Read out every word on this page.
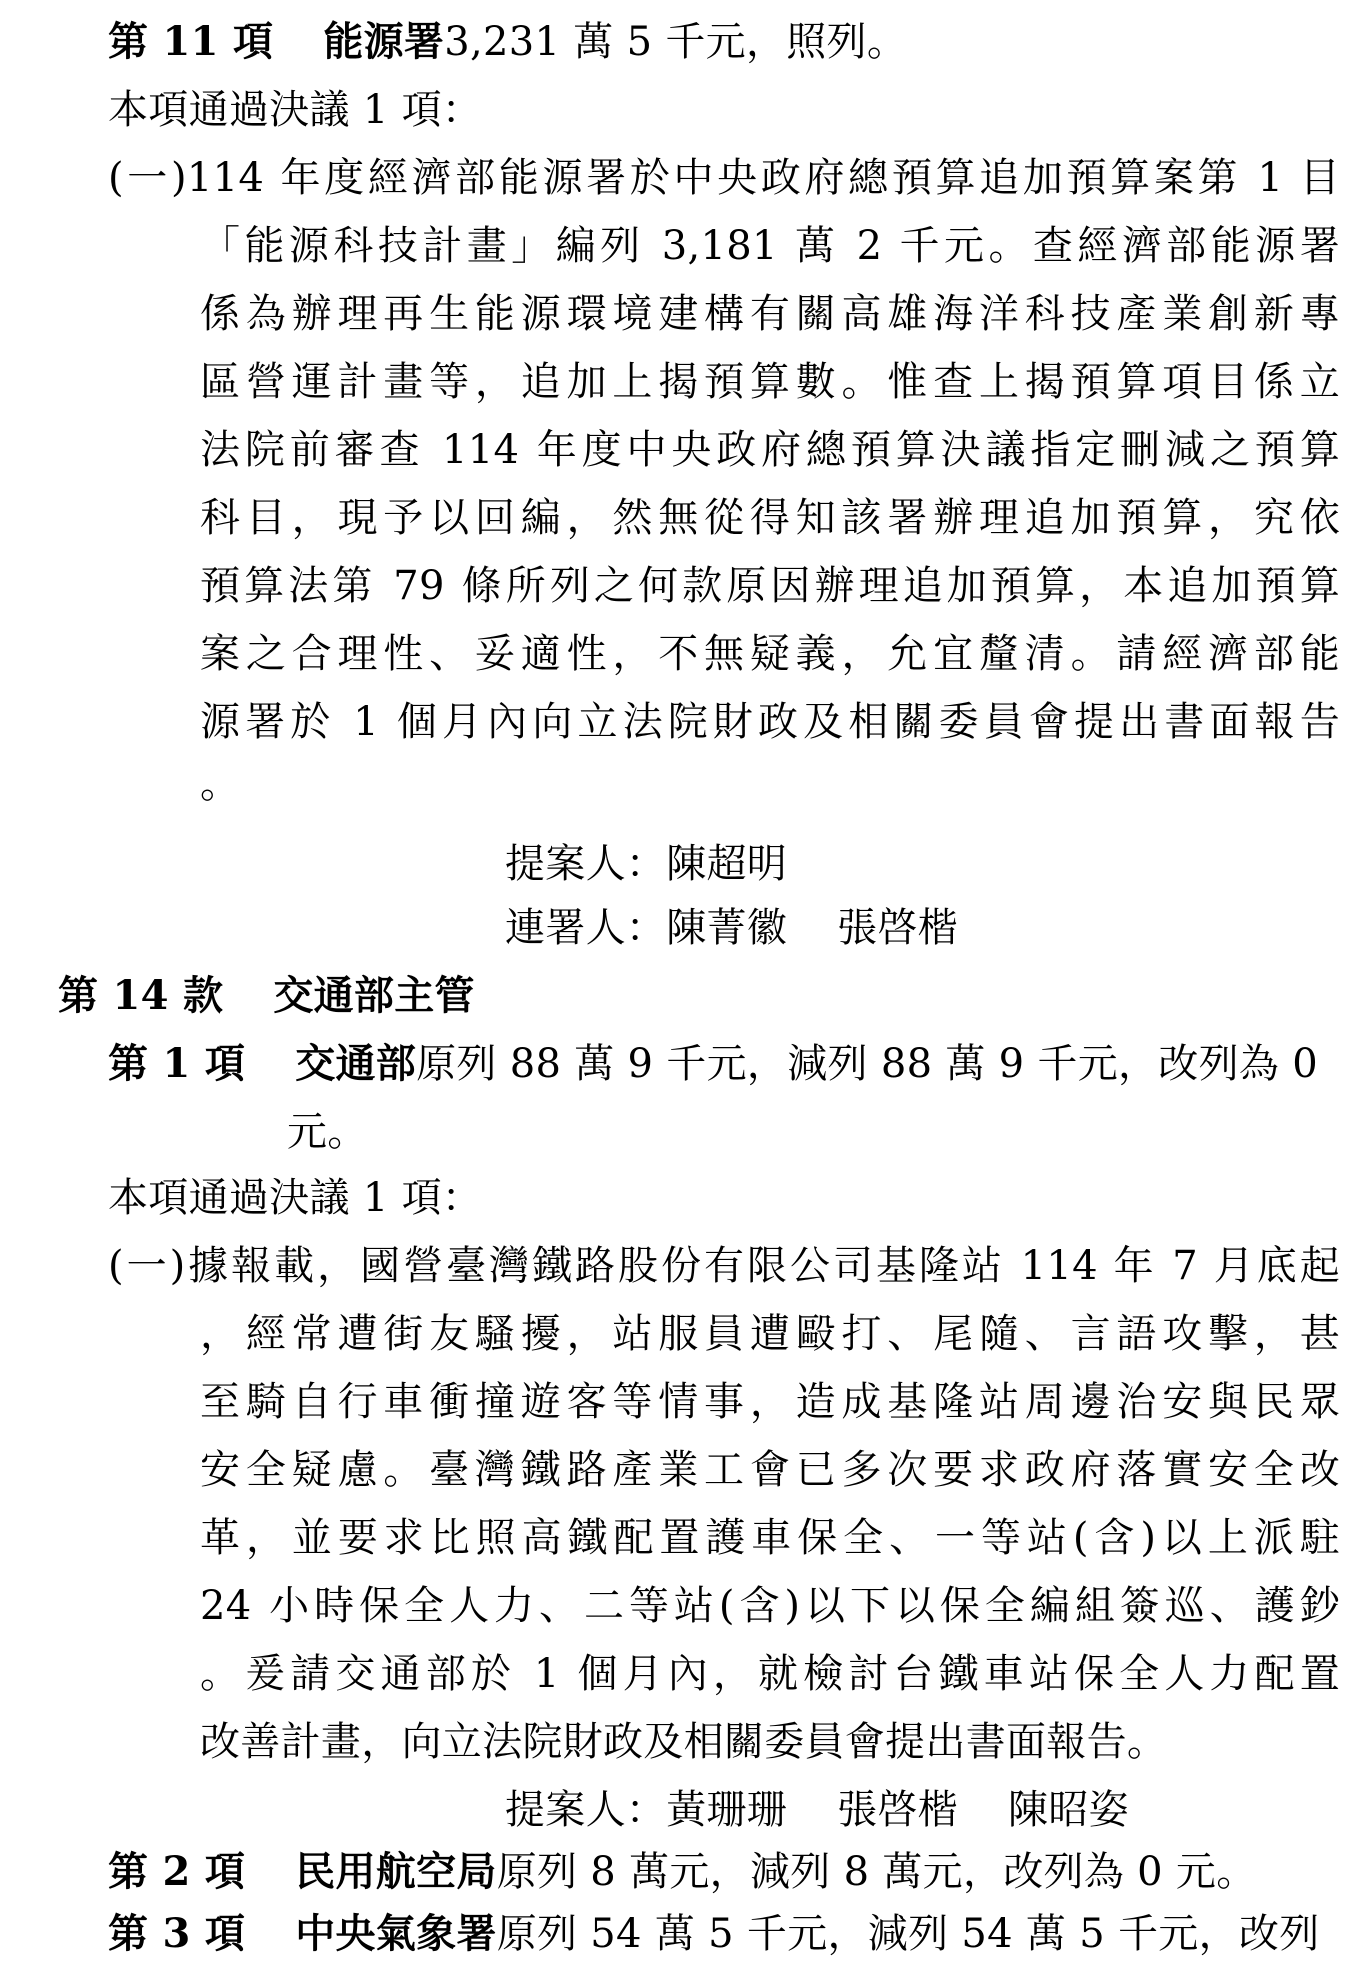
第 11 項 能源署3,231 萬 5 千元，照列。
本項通過決議 1 項：
(一)114 年度經濟部能源署於中央政府總預算追加預算案第 1 目
「能源科技計畫」編列 3,181 萬 2 千元。查經濟部能源署
係為辦理再生能源環境建構有關高雄海洋科技產業創新專
區營運計畫等，追加上揭預算數。惟查上揭預算項目係立
法院前審查 114 年度中央政府總預算決議指定刪減之預算
科目，現予以回編，然無從得知該署辦理追加預算，究依
預算法第 79 條所列之何款原因辦理追加預算，本追加預算
案之合理性、妥適性，不無疑義，允宜釐清。請經濟部能
源署於 1 個月內向立法院財政及相關委員會提出書面報告
。
提案人：陳超明
連署人：陳菁徽 張啓楷
第 14 款 交通部主管
第 1 項 交通部原列 88 萬 9 千元，減列 88 萬 9 千元，改列為 0
元。
本項通過決議 1 項：
(一)據報載，國營臺灣鐵路股份有限公司基隆站 114 年 7 月底起
，經常遭街友騷擾，站服員遭毆打、尾隨、言語攻擊，甚
至騎自行車衝撞遊客等情事，造成基隆站周邊治安與民眾
安全疑慮。臺灣鐵路產業工會已多次要求政府落實安全改
革，並要求比照高鐵配置護車保全、一等站(含)以上派駐
24 小時保全人力、二等站(含)以下以保全編組簽巡、護鈔
。爰請交通部於 1 個月內，就檢討台鐵車站保全人力配置
改善計畫，向立法院財政及相關委員會提出書面報告。
提案人：黃珊珊 張啓楷 陳昭姿
第 2 項 民用航空局原列 8 萬元，減列 8 萬元，改列為 0 元。
第 3 項 中央氣象署原列 54 萬 5 千元，減列 54 萬 5 千元，改列
